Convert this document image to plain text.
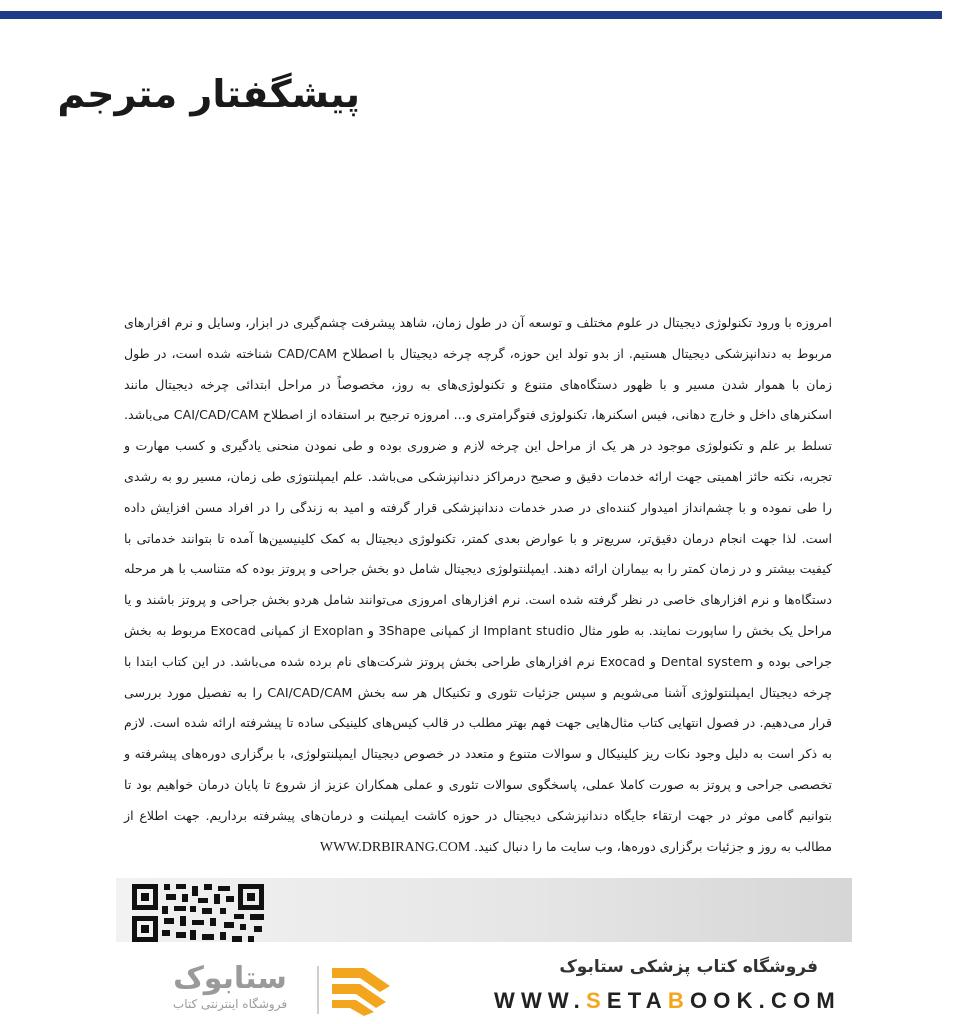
پیشگفتار مترجم

امروزه با ورود تکنولوژی دیجیتال در علوم مختلف و توسعه آن در طول زمان، شاهد پیشرفت چشم‌گیری در ابزار، وسایل و نرم افزارهای مربوط به دندانپزشکی دیجیتال هستیم. از بدو تولد این حوزه، گرچه چرخه دیجیتال با اصطلاح CAD/CAM شناخته شده است، در طول زمان با هموار شدن مسیر و با ظهور دستگاه‌های متنوع و تکنولوژی‌های به روز، مخصوصاً در مراحل ابتدائی چرخه دیجیتال مانند اسکنرهای داخل و خارج دهانی، فیس اسکنرها، تکنولوژی فتوگرامتری و... امروزه ترجیح بر استفاده از اصطلاح CAI/CAD/CAM می‌باشد. تسلط بر علم و تکنولوژی موجود در هر یک از مراحل این چرخه لازم و ضروری بوده و طی نمودن منحنی یادگیری و کسب مهارت و تجربه، نکته حائز اهمیتی جهت ارائه خدمات دقیق و صحیح درمراکز دندانپزشکی می‌باشد. علم ایمپلنتوژی طی زمان، مسیر رو به رشدی را طی نموده و با چشم‌انداز امیدوار کننده‌ای در صدر خدمات دندانپزشکی قرار گرفته و امید به زندگی را در افراد مسن افزایش داده است. لذا جهت انجام درمان دقیق‌تر، سریع‌تر و با عوارض بعدی کمتر، تکنولوژی دیجیتال به کمک کلینیسین‌ها آمده تا بتوانند خدماتی با کیفیت بیشتر و در زمان کمتر را به بیماران ارائه دهند. ایمپلنتولوژی دیجیتال شامل دو بخش جراحی و پروتز بوده که متناسب با هر مرحله دستگاه‌ها و نرم افزارهای خاصی در نظر گرفته شده است. نرم افزارهای امروزی می‌توانند شامل هردو بخش جراحی و پروتز باشند و یا مراحل یک بخش را ساپورت نمایند. به طور مثال Implant studio از کمپانی 3Shape و Exoplan از کمپانی Exocad مربوط به بخش جراحی بوده و Dental system و Exocad نرم افزارهای طراحی بخش پروتز شرکت‌های نام برده شده می‌باشد. در این کتاب ابتدا با چرخه دیجیتال ایمپلنتولوژی آشنا می‌شویم و سپس جزئیات تئوری و تکنیکال هر سه بخش CAI/CAD/CAM را به تفصیل مورد بررسی قرار می‌دهیم. در فصول انتهایی کتاب مثال‌هایی جهت فهم بهتر مطلب در قالب کیس‌های کلینیکی ساده تا پیشرفته ارائه شده است. لازم به ذکر است به دلیل وجود نکات ریز کلینیکال و سوالات متنوع و متعدد در خصوص دیجیتال ایمپلنتولوژی، با برگزاری دوره‌های پیشرفته و تخصصی جراحی و پروتز به صورت کاملا عملی، پاسخگوی سوالات تئوری و عملی همکاران عزیز از شروع تا پایان درمان خواهیم بود تا بتوانیم گامی موثر در جهت ارتقاء جایگاه دندانپزشکی دیجیتال در حوزه کاشت ایمپلنت و درمان‌های پیشرفته برداریم. جهت اطلاع از مطالب به روز و جزئیات برگزاری دوره‌ها، وب سایت ما را دنبال کنید. WWW.DRBIRANG.COM

فروشگاه کتاب پزشکی ستابوک
WWW.SETABOOK.COM
ستابوک
فروشگاه اینترنتی کتاب
